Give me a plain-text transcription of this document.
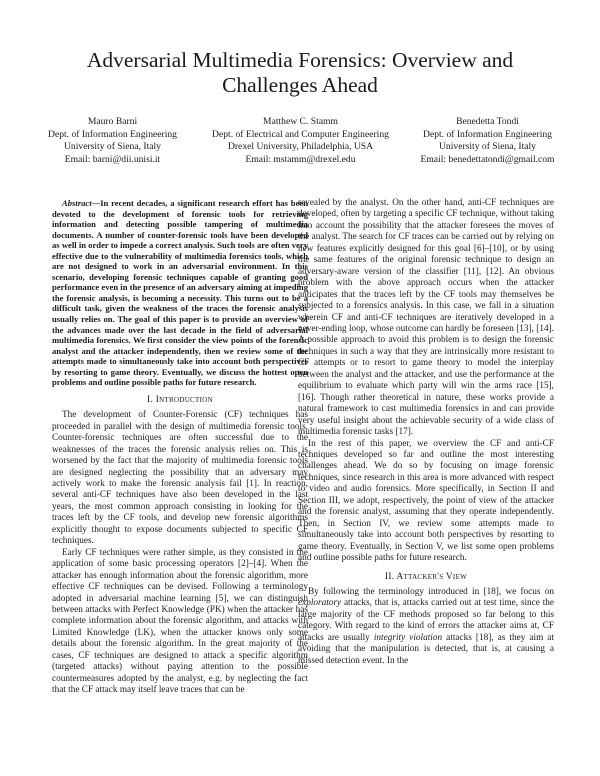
Adversarial Multimedia Forensics: Overview and Challenges Ahead
Mauro Barni
Dept. of Information Engineering
University of Siena, Italy
Email: barni@dii.unisi.it
Matthew C. Stamm
Dept. of Electrical and Computer Engineering
Drexel University, Philadelphia, USA
Email: mstamm@drexel.edu
Benedetta Tondi
Dept. of Information Engineering
University of Siena, Italy
Email: benedettatondi@gmail.com

Abstract—In recent decades, a significant research effort has been devoted to the development of forensic tools for retrieving information and detecting possible tampering of multimedia documents. A number of counter-forensic tools have been developed as well in order to impede a correct analysis. Such tools are often very effective due to the vulnerability of multimedia forensics tools, which are not designed to work in an adversarial environment. In this scenario, developing forensic techniques capable of granting good performance even in the presence of an adversary aiming at impeding the forensic analysis, is becoming a necessity. This turns out to be a difficult task, given the weakness of the traces the forensic analysis usually relies on. The goal of this paper is to provide an overview of the advances made over the last decade in the field of adversarial multimedia forensics. We first consider the view points of the forensic analyst and the attacker independently, then we review some of the attempts made to simultaneously take into account both perspectives by resorting to game theory. Eventually, we discuss the hottest open problems and outline possible paths for future research.

I. Introduction

The development of Counter-Forensic (CF) techniques has proceeded in parallel with the design of multimedia forensic tools. Counter-forensic techniques are often successful due to the weaknesses of the traces the forensic analysis relies on. This is worsened by the fact that the majority of multimedia forensic tools are designed neglecting the possibility that an adversary may actively work to make the forensic analysis fail [1]. In reaction, several anti-CF techniques have also been developed in the last years, the most common approach consisting in looking for the traces left by the CF tools, and develop new forensic algorithms explicitly thought to expose documents subjected to specific CF techniques.

Early CF techniques were rather simple, as they consisted in the application of some basic processing operators [2]–[4]. When the attacker has enough information about the forensic algorithm, more effective CF techniques can be devised. Following a terminology adopted in adversarial machine learning [5], we can distinguish between attacks with Perfect Knowledge (PK) when the attacker has complete information about the forensic algorithm, and attacks with Limited Knowledge (LK), when the attacker knows only some details about the forensic algorithm. In the great majority of the cases, CF techniques are designed to attack a specific algorithm (targeted attacks) without paying attention to the possible countermeasures adopted by the analyst, e.g. by neglecting the fact that the CF attack may itself leave traces that can be

revealed by the analyst. On the other hand, anti-CF techniques are developed, often by targeting a specific CF technique, without taking into account the possibility that the attacker foresees the moves of the analyst. The search for CF traces can be carried out by relying on new features explicitly designed for this goal [6]–[10], or by using the same features of the original forensic technique to design an adversary-aware version of the classifier [11], [12]. An obvious problem with the above approach occurs when the attacker anticipates that the traces left by the CF tools may themselves be subjected to a forensics analysis. In this case, we fall in a situation wherein CF and anti-CF techniques are iteratively developed in a never-ending loop, whose outcome can hardly be foreseen [13], [14]. A possible approach to avoid this problem is to design the forensic techniques in such a way that they are intrinsically more resistant to CF attempts or to resort to game theory to model the interplay between the analyst and the attacker, and use the performance at the equilibrium to evaluate which party will win the arms race [15], [16]. Though rather theoretical in nature, these works provide a natural framework to cast multimedia forensics in and can provide very useful insight about the achievable security of a wide class of multimedia forensic tasks [17].

In the rest of this paper, we overview the CF and anti-CF techniques developed so far and outline the most interesting challenges ahead. We do so by focusing on image forensic techniques, since research in this area is more advanced with respect to video and audio forensics. More specifically, in Section II and Section III, we adopt, respectively, the point of view of the attacker and the forensic analyst, assuming that they operate independently. Then, in Section IV, we review some attempts made to simultaneously take into account both perspectives by resorting to game theory. Eventually, in Section V, we list some open problems and outline possible paths for future research.

II. Attacker's View

By following the terminology introduced in [18], we focus on exploratory attacks, that is, attacks carried out at test time, since the large majority of the CF methods proposed so far belong to this category. With regard to the kind of errors the attacker aims at, CF attacks are usually integrity violation attacks [18], as they aim at avoiding that the manipulation is detected, that is, at causing a missed detection event. In the
